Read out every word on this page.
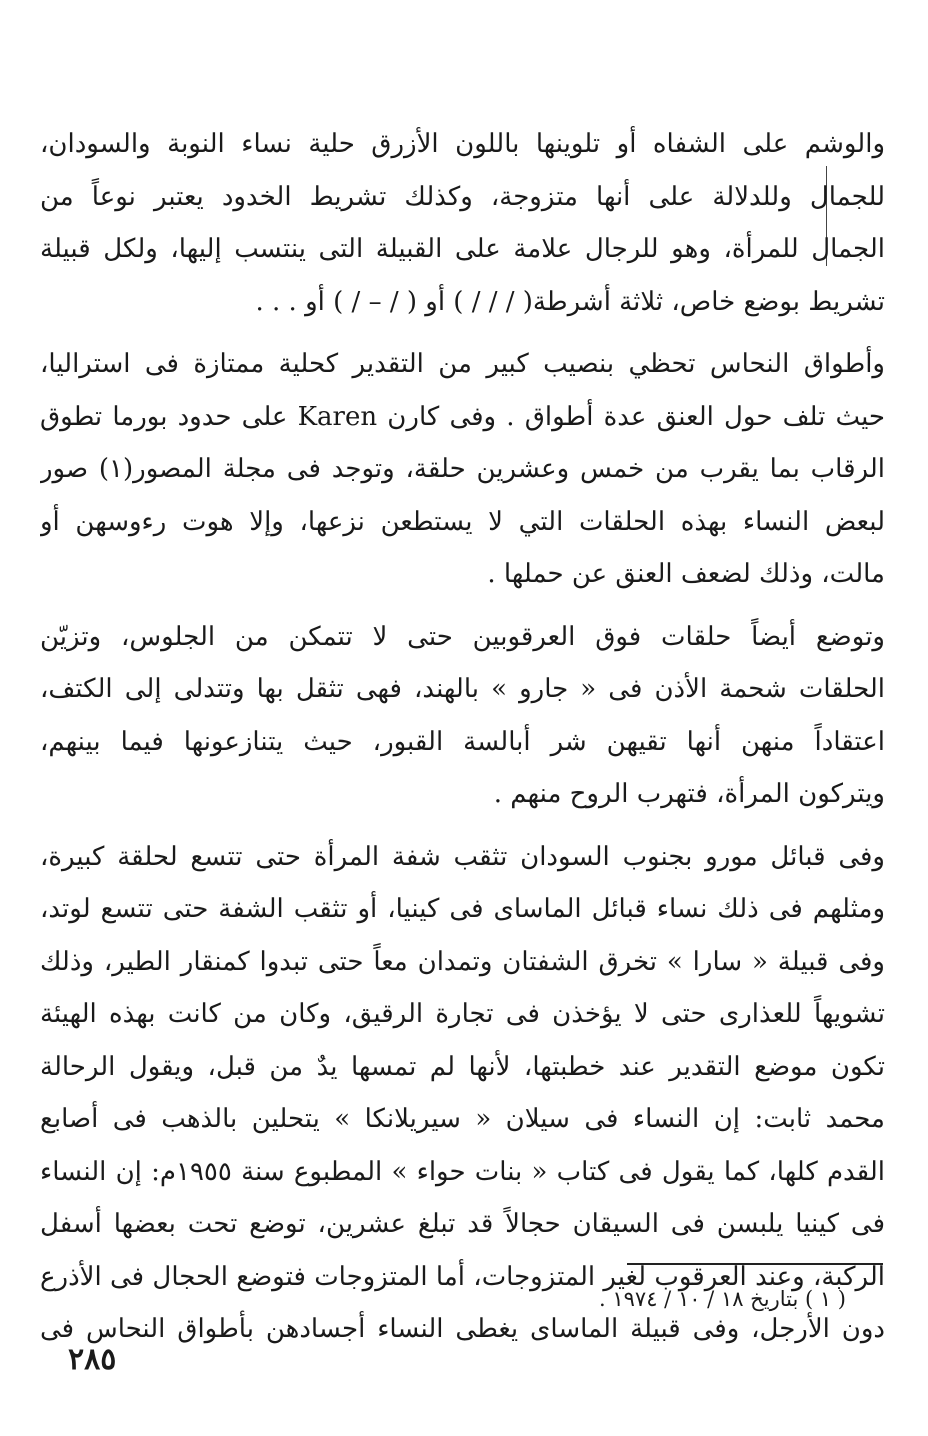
والوشم على الشفاه أو تلوينها باللون الأزرق حلية نساء النوبة والسودان،
للجمال وللدلالة على أنها متزوجة، وكذلك تشريط الخدود يعتبر نوعاً من
الجمال للمرأة، وهو للرجال علامة على القبيلة التى ينتسب إليها، ولكل قبيلة
تشريط بوضع خاص، ثلاثة أشرطة( / / / ) أو ( / – / ) أو . . .
وأطواق النحاس تحظي بنصيب كبير من التقدير كحلية ممتازة فى استراليا،
حيث تلف حول العنق عدة أطواق . وفى كارن Karen على حدود بورما تطوق
الرقاب بما يقرب من خمس وعشرين حلقة، وتوجد فى مجلة المصور(١) صور
لبعض النساء بهذه الحلقات التي لا يستطعن نزعها، وإلا هوت رءوسهن أو
مالت، وذلك لضعف العنق عن حملها .
وتوضع أيضاً حلقات فوق العرقوبين حتى لا تتمكن من الجلوس، وتزيّن
الحلقات شحمة الأذن فى « جارو » بالهند، فهى تثقل بها وتتدلى إلى الكتف،
اعتقاداً منهن أنها تقيهن شر أبالسة القبور، حيث يتنازعونها فيما بينهم،
ويتركون المرأة، فتهرب الروح منهم .
وفى قبائل مورو بجنوب السودان تثقب شفة المرأة حتى تتسع لحلقة كبيرة،
ومثلهم فى ذلك نساء قبائل الماساى فى كينيا، أو تثقب الشفة حتى تتسع لوتد،
وفى قبيلة « سارا » تخرق الشفتان وتمدان معاً حتى تبدوا كمنقار الطير، وذلك
تشويهاً للعذارى حتى لا يؤخذن فى تجارة الرقيق، وكان من كانت بهذه الهيئة
تكون موضع التقدير عند خطبتها، لأنها لم تمسها يدٌ من قبل، ويقول الرحالة
محمد ثابت: إن النساء فى سيلان « سيريلانكا » يتحلين بالذهب فى أصابع
القدم كلها، كما يقول فى كتاب « بنات حواء » المطبوع سنة ١٩٥٥م: إن النساء
فى كينيا يلبسن فى السيقان حجالاً قد تبلغ عشرين، توضع تحت بعضها أسفل
الركبة، وعند العرقوب لغير المتزوجات، أما المتزوجات فتوضع الحجال فى الأذرع
دون الأرجل، وفى قبيلة الماساى يغطى النساء أجسادهن بأطواق النحاس فى
( ١ ) بتاريخ ١٨ / ١٠ / ١٩٧٤ .
٢٨٥
